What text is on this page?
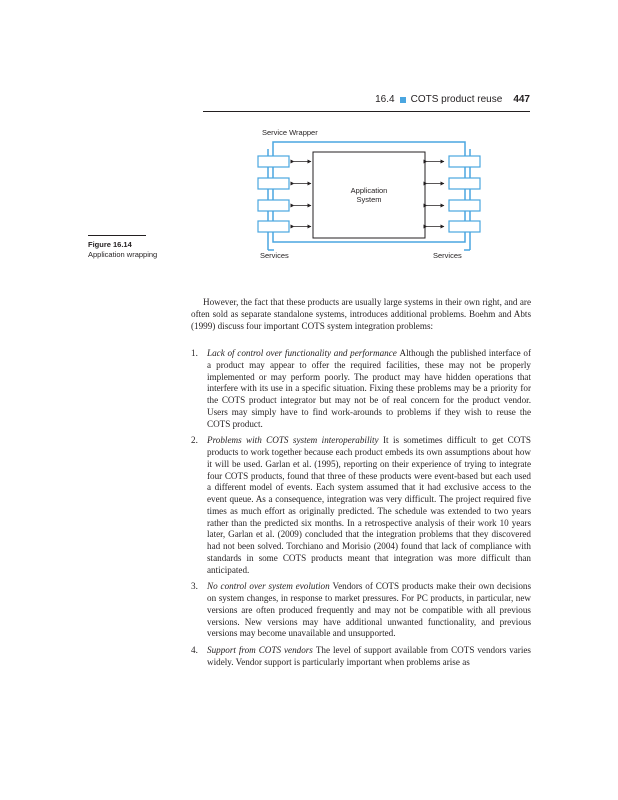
16.4 COTS product reuse 447
Service Wrapper
Application
System
Services	Services
Figure 16.14
Application wrapping

However, the fact that these products are usually large systems in their own right, and are often sold as separate standalone systems, introduces additional problems. Boehm and Abts (1999) discuss four important COTS system integration problems:

1. Lack of control over functionality and performance Although the published interface of a product may appear to offer the required facilities, these may not be properly implemented or may perform poorly. The product may have hidden operations that interfere with its use in a specific situation. Fixing these problems may be a priority for the COTS product integrator but may not be of real concern for the product vendor. Users may simply have to find work-arounds to problems if they wish to reuse the COTS product.
2. Problems with COTS system interoperability It is sometimes difficult to get COTS products to work together because each product embeds its own assumptions about how it will be used. Garlan et al. (1995), reporting on their experience of trying to integrate four COTS products, found that three of these products were event-based but each used a different model of events. Each system assumed that it had exclusive access to the event queue. As a consequence, integration was very difficult. The project required five times as much effort as originally predicted. The schedule was extended to two years rather than the predicted six months. In a retrospective analysis of their work 10 years later, Garlan et al. (2009) concluded that the integration problems that they discovered had not been solved. Torchiano and Morisio (2004) found that lack of compliance with standards in some COTS products meant that integration was more difficult than anticipated.
3. No control over system evolution Vendors of COTS products make their own decisions on system changes, in response to market pressures. For PC products, in particular, new versions are often produced frequently and may not be compatible with all previous versions. New versions may have additional unwanted functionality, and previous versions may become unavailable and unsupported.
4. Support from COTS vendors The level of support available from COTS vendors varies widely. Vendor support is particularly important when problems arise as
